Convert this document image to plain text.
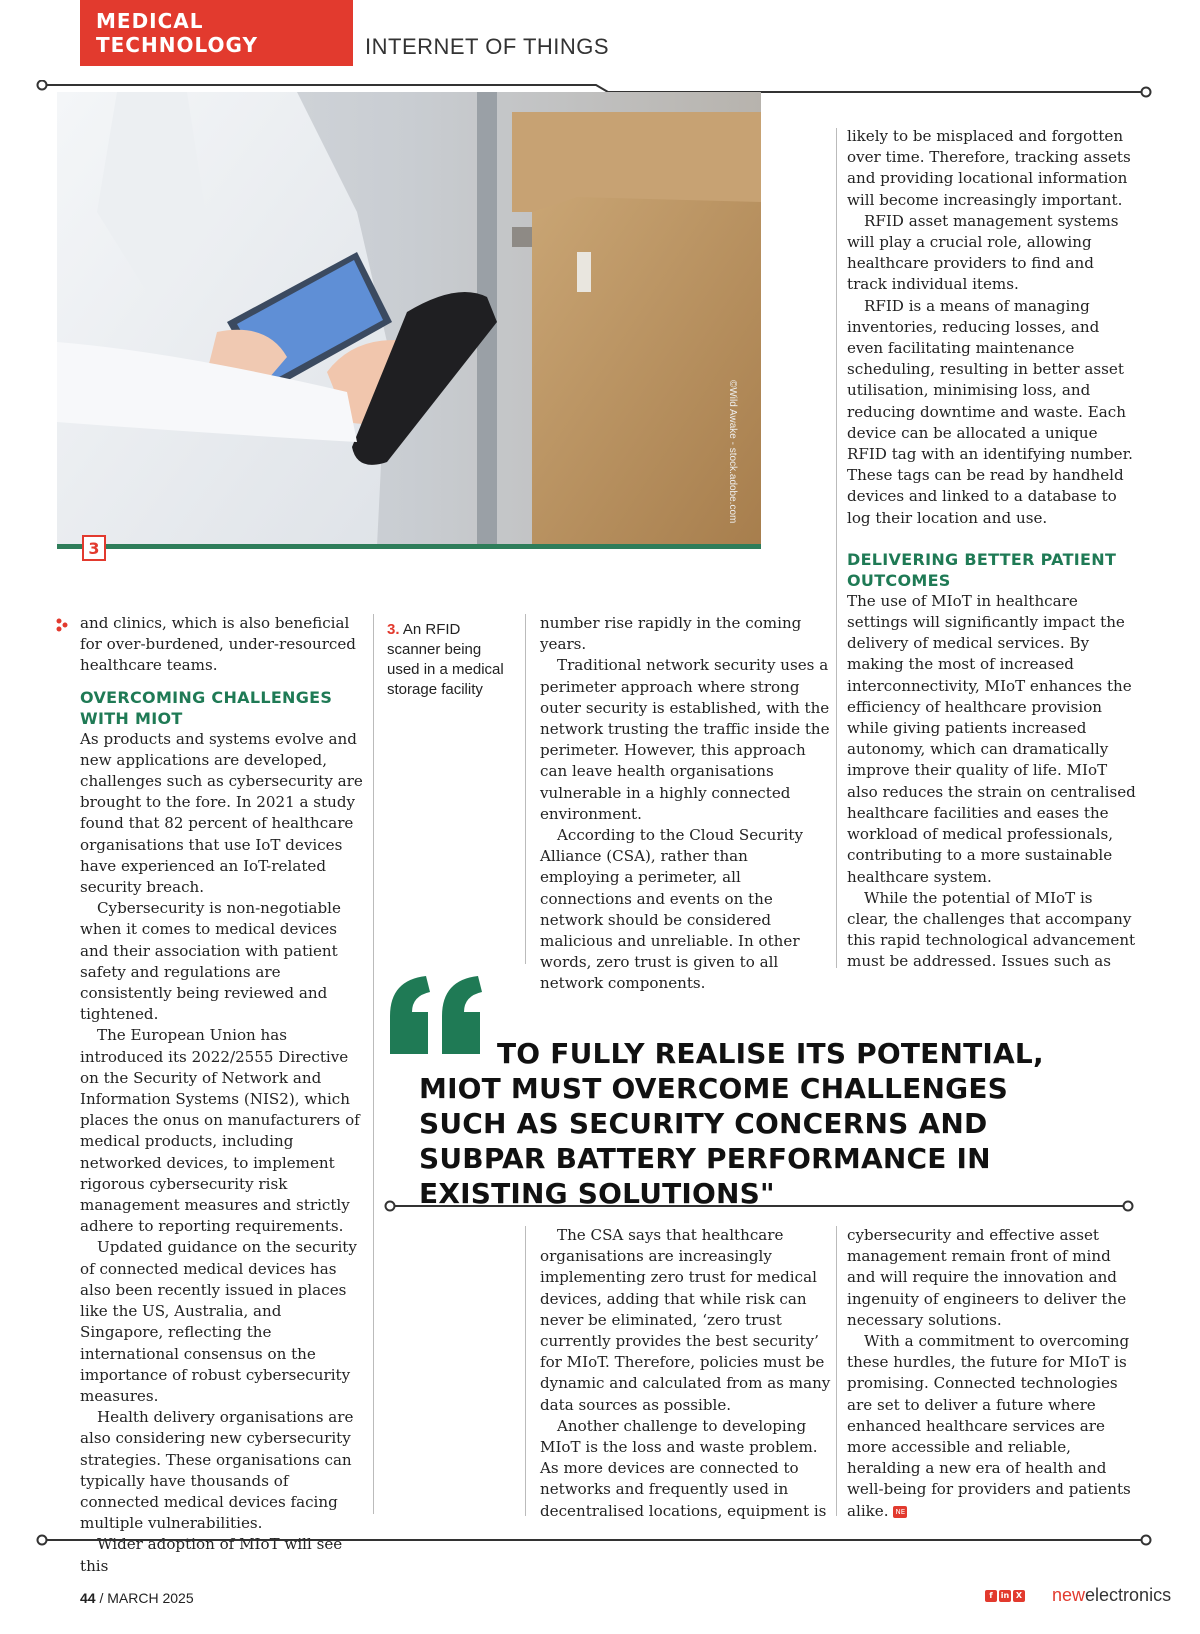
MEDICAL TECHNOLOGY	INTERNET OF THINGS
©Wild Awake - stock.adobe.com
3

and clinics, which is also beneficial for over-burdened, under-resourced healthcare teams.

OVERCOMING CHALLENGES WITH MIOT

As products and systems evolve and new applications are developed, challenges such as cybersecurity are brought to the fore. In 2021 a study found that 82 percent of healthcare organisations that use IoT devices have experienced an IoT-related security breach.

Cybersecurity is non-negotiable when it comes to medical devices and their association with patient safety and regulations are consistently being reviewed and tightened.

The European Union has introduced its 2022/2555 Directive on the Security of Network and Information Systems (NIS2), which places the onus on manufacturers of medical products, including networked devices, to implement rigorous cybersecurity risk management measures and strictly adhere to reporting requirements.

Updated guidance on the security of connected medical devices has also been recently issued in places like the US, Australia, and Singapore, reflecting the international consensus on the importance of robust cybersecurity measures.

Health delivery organisations are also considering new cybersecurity strategies. These organisations can typically have thousands of connected medical devices facing multiple vulnerabilities.

Wider adoption of MIoT will see this

3. An RFID scanner being used in a medical storage facility

number rise rapidly in the coming years.

Traditional network security uses a perimeter approach where strong outer security is established, with the network trusting the traffic inside the perimeter. However, this approach can leave health organisations vulnerable in a highly connected environment.

According to the Cloud Security Alliance (CSA), rather than employing a perimeter, all connections and events on the network should be considered malicious and unreliable. In other words, zero trust is given to all network components.

likely to be misplaced and forgotten over time. Therefore, tracking assets and providing locational information will become increasingly important.

RFID asset management systems will play a crucial role, allowing healthcare providers to find and track individual items.

RFID is a means of managing inventories, reducing losses, and even facilitating maintenance scheduling, resulting in better asset utilisation, minimising loss, and reducing downtime and waste. Each device can be allocated a unique RFID tag with an identifying number. These tags can be read by handheld devices and linked to a database to log their location and use.

DELIVERING BETTER PATIENT OUTCOMES

The use of MIoT in healthcare settings will significantly impact the delivery of medical services. By making the most of increased interconnectivity, MIoT enhances the efficiency of healthcare provision while giving patients increased autonomy, which can dramatically improve their quality of life. MIoT also reduces the strain on centralised healthcare facilities and eases the workload of medical professionals, contributing to a more sustainable healthcare system.

While the potential of MIoT is clear, the challenges that accompany this rapid technological advancement must be addressed. Issues such as

TO FULLY REALISE ITS POTENTIAL, MIOT MUST OVERCOME CHALLENGES SUCH AS SECURITY CONCERNS AND SUBPAR BATTERY PERFORMANCE IN EXISTING SOLUTIONS"

The CSA says that healthcare organisations are increasingly implementing zero trust for medical devices, adding that while risk can never be eliminated, ‘zero trust currently provides the best security’ for MIoT. Therefore, policies must be dynamic and calculated from as many data sources as possible.

Another challenge to developing MIoT is the loss and waste problem. As more devices are connected to networks and frequently used in decentralised locations, equipment is

cybersecurity and effective asset management remain front of mind and will require the innovation and ingenuity of engineers to deliver the necessary solutions.

With a commitment to overcoming these hurdles, the future for MIoT is promising. Connected technologies are set to deliver a future where enhanced healthcare services are more accessible and reliable, heralding a new era of health and well-being for providers and patients alike. NE

44 / MARCH 2025	f	in X newelectronics
